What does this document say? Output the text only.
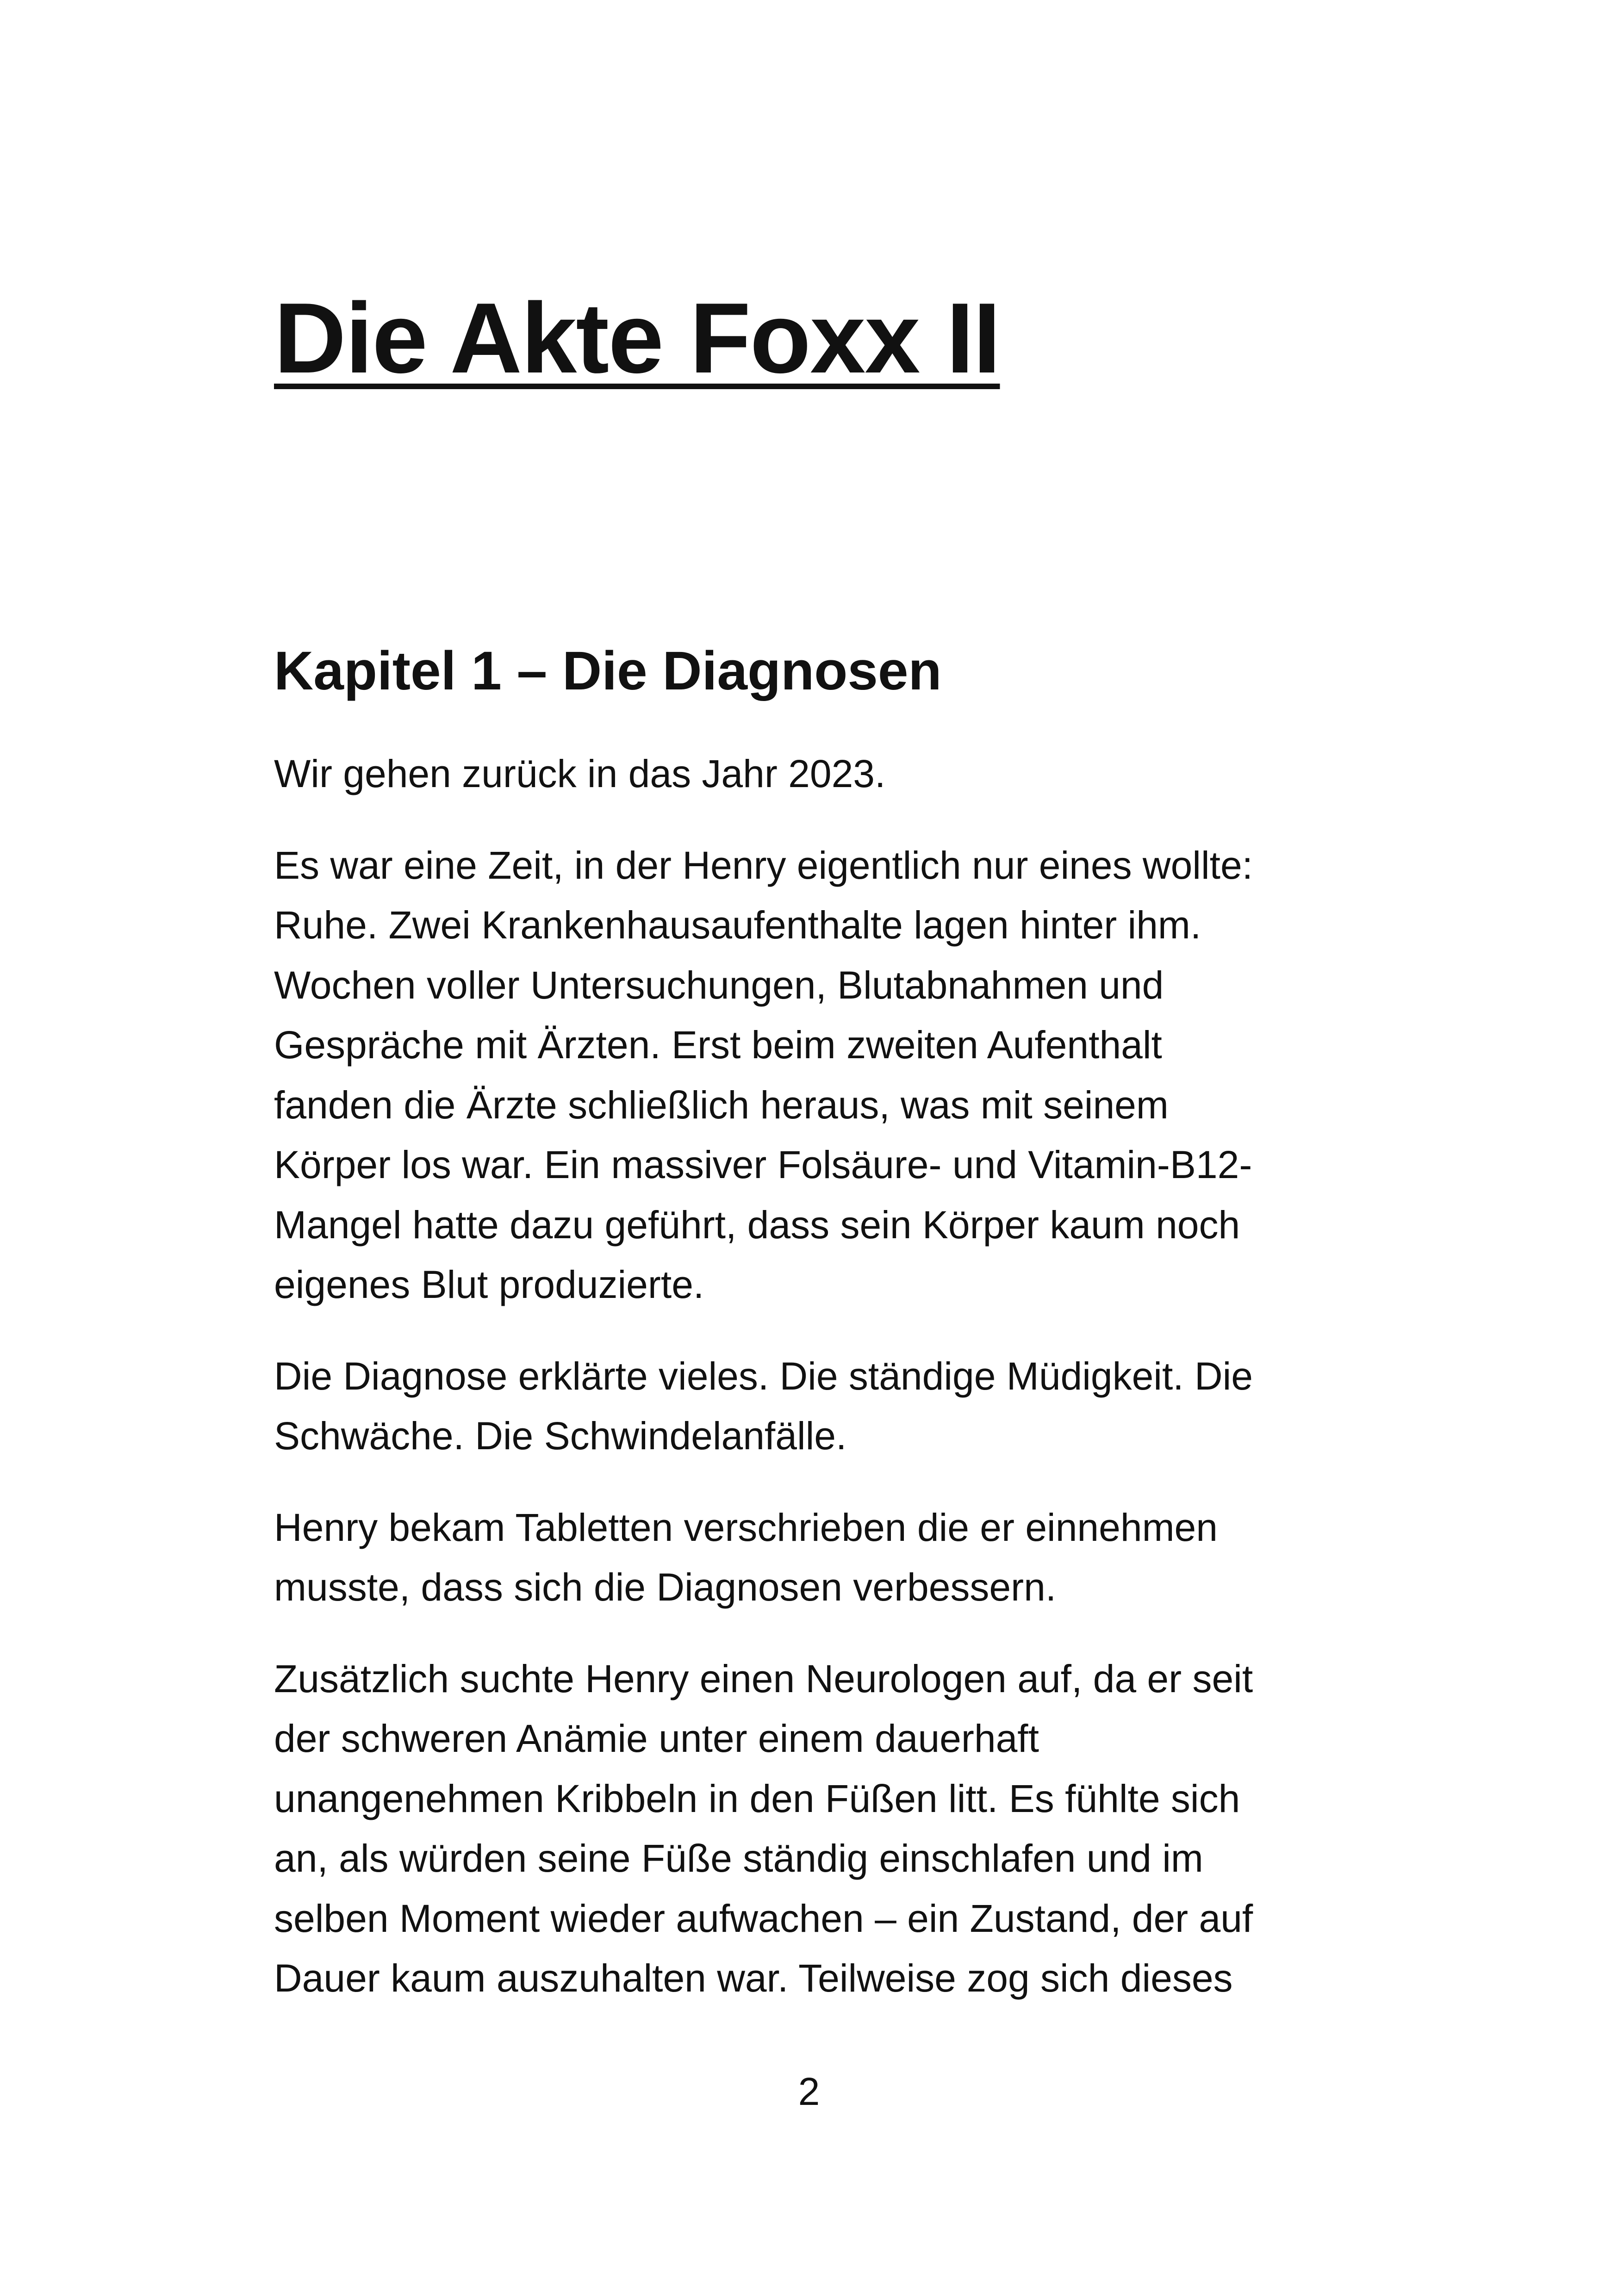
Die Akte Foxx II
Kapitel 1 – Die Diagnosen

Wir gehen zurück in das Jahr 2023.

Es war eine Zeit, in der Henry eigentlich nur eines wollte:
Ruhe. Zwei Krankenhausaufenthalte lagen hinter ihm.
Wochen voller Untersuchungen, Blutabnahmen und
Gespräche mit Ärzten. Erst beim zweiten Aufenthalt
fanden die Ärzte schließlich heraus, was mit seinem
Körper los war. Ein massiver Folsäure- und Vitamin-B12-
Mangel hatte dazu geführt, dass sein Körper kaum noch
eigenes Blut produzierte.

Die Diagnose erklärte vieles. Die ständige Müdigkeit. Die
Schwäche. Die Schwindelanfälle.

Henry bekam Tabletten verschrieben die er einnehmen
musste, dass sich die Diagnosen verbessern.

Zusätzlich suchte Henry einen Neurologen auf, da er seit
der schweren Anämie unter einem dauerhaft
unangenehmen Kribbeln in den Füßen litt. Es fühlte sich
an, als würden seine Füße ständig einschlafen und im
selben Moment wieder aufwachen – ein Zustand, der auf
Dauer kaum auszuhalten war. Teilweise zog sich dieses

2
